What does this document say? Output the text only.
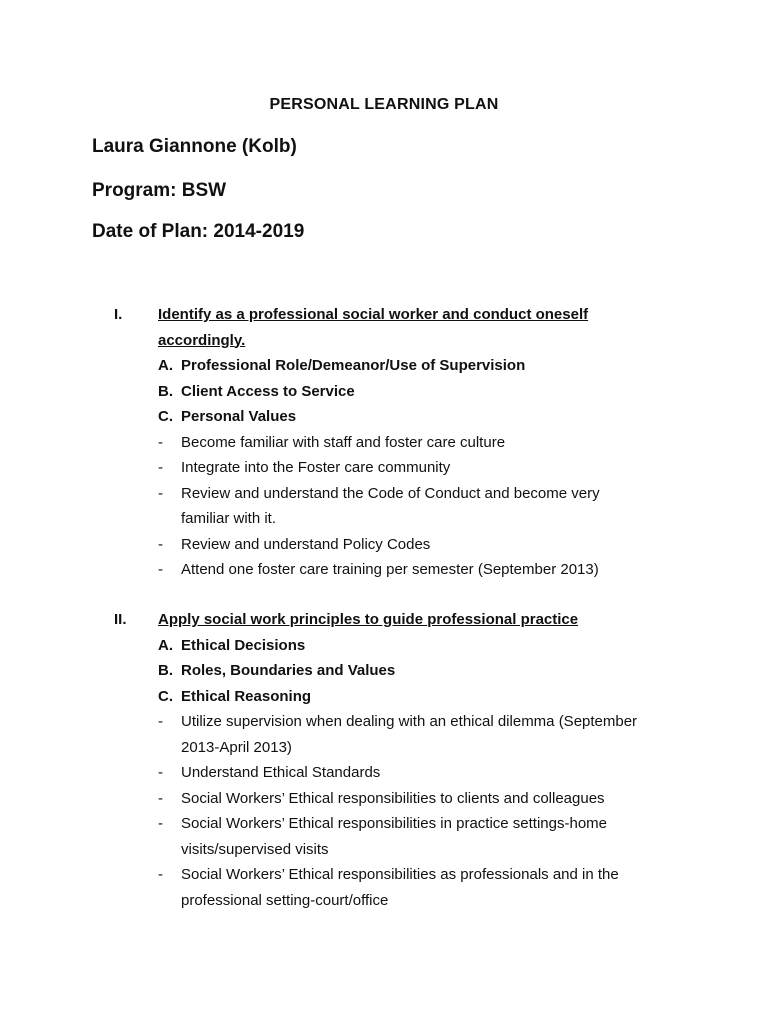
PERSONAL LEARNING PLAN
Laura Giannone (Kolb)
Program: BSW
Date of Plan: 2014-2019
I. Identify as a professional social worker and conduct oneself
accordingly.
A. Professional Role/Demeanor/Use of Supervision
B. Client Access to Service
C. Personal Values
- Become familiar with staff and foster care culture
- Integrate into the Foster care community
- Review and understand the Code of Conduct and become very
familiar with it.
- Review and understand Policy Codes
- Attend one foster care training per semester (September 2013)
II. Apply social work principles to guide professional practice
A. Ethical Decisions
B. Roles, Boundaries and Values
C. Ethical Reasoning
- Utilize supervision when dealing with an ethical dilemma (September
2013-April 2013)
- Understand Ethical Standards
- Social Workers’ Ethical responsibilities to clients and colleagues
- Social Workers’ Ethical responsibilities in practice settings-home
visits/supervised visits
- Social Workers’ Ethical responsibilities as professionals and in the
professional setting-court/office
